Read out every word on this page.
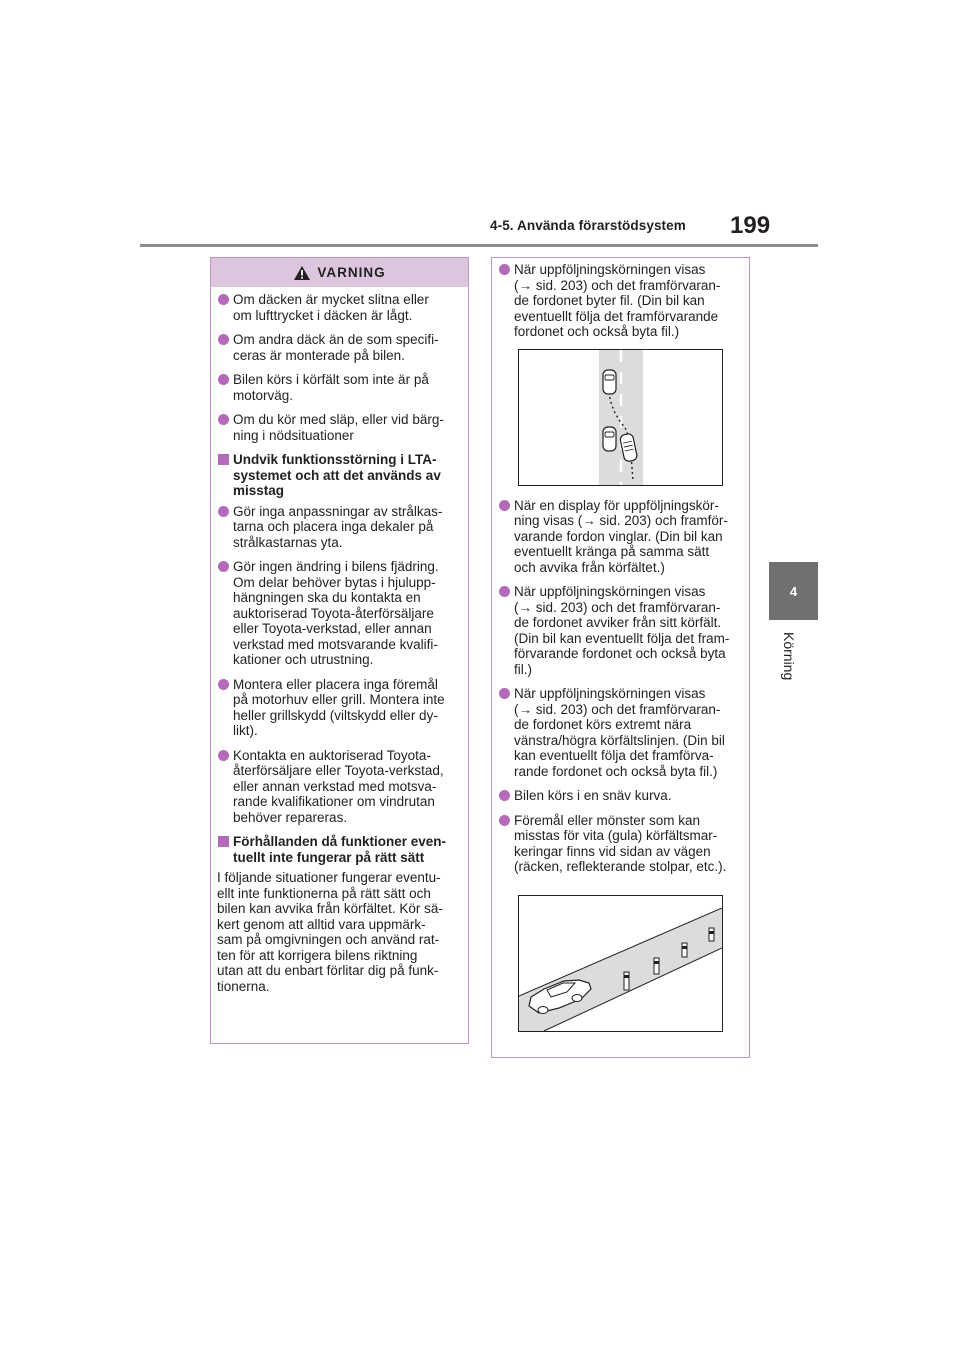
4-5. Använda förarstödsystem 199
4
Körning
VARNING
Om däcken är mycket slitna eller
om lufttrycket i däcken är lågt.
Om andra däck än de som specifi-
ceras är monterade på bilen.
Bilen körs i körfält som inte är på
motorväg.
Om du kör med släp, eller vid bärg-
ning i nödsituationer
Undvik funktionsstörning i LTA-
systemet och att det används av
misstag
Gör inga anpassningar av strålkas-
tarna och placera inga dekaler på
strålkastarnas yta.
Gör ingen ändring i bilens fjädring.
Om delar behöver bytas i hjulupp-
hängningen ska du kontakta en
auktoriserad Toyota-återförsäljare
eller Toyota-verkstad, eller annan
verkstad med motsvarande kvalifi-
kationer och utrustning.
Montera eller placera inga föremål
på motorhuv eller grill. Montera inte
heller grillskydd (viltskydd eller dy-
likt).
Kontakta en auktoriserad Toyota-
återförsäljare eller Toyota-verkstad,
eller annan verkstad med motsva-
rande kvalifikationer om vindrutan
behöver repareras.
Förhållanden då funktioner even-
tuellt inte fungerar på rätt sätt
I följande situationer fungerar eventu-
ellt inte funktionerna på rätt sätt och
bilen kan avvika från körfältet. Kör sä-
kert genom att alltid vara uppmärk-
sam på omgivningen och använd rat-
ten för att korrigera bilens riktning
utan att du enbart förlitar dig på funk-
tionerna.
När uppföljningskörningen visas
(→ sid. 203) och det framförvaran-
de fordonet byter fil. (Din bil kan
eventuellt följa det framförvarande
fordonet och också byta fil.)
När en display för uppföljningskör-
ning visas (→ sid. 203) och framför-
varande fordon vinglar. (Din bil kan
eventuellt kränga på samma sätt
och avvika från körfältet.)
När uppföljningskörningen visas
(→ sid. 203) och det framförvaran-
de fordonet avviker från sitt körfält.
(Din bil kan eventuellt följa det fram-
förvarande fordonet och också byta
fil.)
När uppföljningskörningen visas
(→ sid. 203) och det framförvaran-
de fordonet körs extremt nära
vänstra/högra körfältslinjen. (Din bil
kan eventuellt följa det framförva-
rande fordonet och också byta fil.)
Bilen körs i en snäv kurva.
Föremål eller mönster som kan
misstas för vita (gula) körfältsmar-
keringar finns vid sidan av vägen
(räcken, reflekterande stolpar, etc.).
